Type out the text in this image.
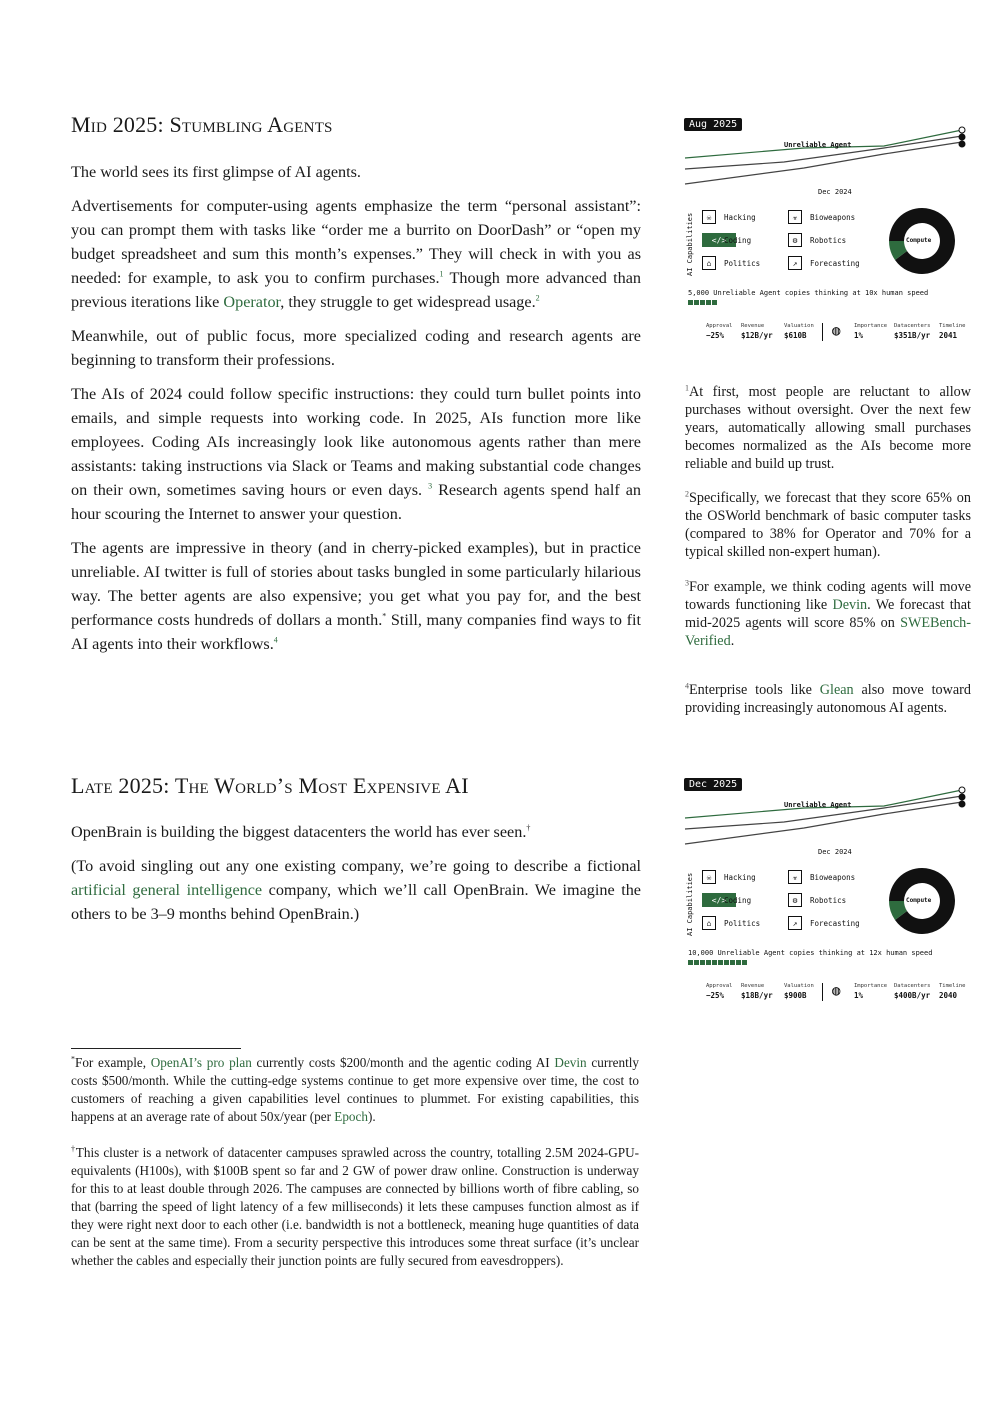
Mid 2025: Stumbling Agents

The world sees its first glimpse of AI agents.

Advertisements for computer-using agents emphasize the term “personal assistant”: you can prompt them with tasks like “order me a burrito on DoorDash” or “open my budget spreadsheet and sum this month’s expenses.” They will check in with you as needed: for example, to ask you to confirm purchases.$^1$ Though more advanced than previous iterations like Operator, they struggle to get widespread usage.$^2$

Meanwhile, out of public focus, more specialized coding and research agents are beginning to transform their professions.

The AIs of 2024 could follow specific instructions: they could turn bullet points into emails, and simple requests into working code. In 2025, AIs function more like employees. Coding AIs increasingly look like autonomous agents rather than mere assistants: taking instructions via Slack or Teams and making substantial code changes on their own, sometimes saving hours or even days. $^3$ Research agents spend half an hour scouring the Internet to answer your question.

The agents are impressive in theory (and in cherry-picked examples), but in practice unreliable. AI twitter is full of stories about tasks bungled in some particularly hilarious way. The better agents are also expensive; you get what you pay for, and the best performance costs hundreds of dollars a month.* Still, many companies find ways to fit AI agents into their workflows.$^4$

Late 2025: The World’s Most Expensive AI

OpenBrain is building the biggest datacenters the world has ever seen.†

(To avoid singling out any one existing company, we’re going to describe a fictional artificial general intelligence company, which we’ll call OpenBrain. We imagine the others to be 3–9 months behind OpenBrain.)

$^1$At first, most people are reluctant to allow purchases without oversight. Over the next few years, automatically allowing small purchases becomes normalized as the AIs become more reliable and build up trust.

$^2$Specifically, we forecast that they score 65% on the OSWorld benchmark of basic computer tasks (compared to 38% for Operator and 70% for a typical skilled non-expert human).

$^3$For example, we think coding agents will move towards functioning like Devin. We forecast that mid-2025 agents will score 85% on SWEBench-Verified.

$^4$Enterprise tools like Glean also move toward providing increasingly autonomous AI agents.

*For example, OpenAI’s pro plan currently costs $200/month and the agentic coding AI Devin currently costs $500/month. While the cutting-edge systems continue to get more expensive over time, the cost to customers of reaching a given capabilities level continues to plummet. For existing capabilities, this happens at an average rate of about 50x/year (per Epoch).

†This cluster is a network of datacenter campuses sprawled across the country, totalling 2.5M 2024-GPU-equivalents (H100s), with $100B spent so far and 2 GW of power draw online. Construction is underway for this to at least double through 2026. The campuses are connected by billions worth of fibre cabling, so that (barring the speed of light latency of a few milliseconds) it lets these campuses function almost as if they were right next door to each other (i.e. bandwidth is not a bottleneck, meaning huge quantities of data can be sent at the same time). From a security perspective this introduces some threat surface (it’s unclear whether the cables and especially their junction points are fully secured from eavesdroppers).

Aug 2025
Unreliable Agent
Dec 2024
AI Capabilities	☠	Hacking	☣	Bioweapons
</>
Coding	⚙	Robotics
⌂	Politics	↗	Forecasting
Compute
5,000 Unreliable Agent copies thinking at 10x human speed
Approval
−25%
Revenue
$12B/yr
Valuation
$610B
Importance
1%
Datacenters
$351B/yr
Timeline
2041
◍
Dec 2025
Unreliable Agent
Dec 2024
AI Capabilities	☠	Hacking	☣	Bioweapons
</>
Coding	⚙	Robotics
⌂	Politics	↗	Forecasting
Compute
10,000 Unreliable Agent copies thinking at 12x human speed
Approval
−25%
Revenue
$18B/yr
Valuation
$900B
Importance
1%
Datacenters
$400B/yr
Timeline
2040
◍
